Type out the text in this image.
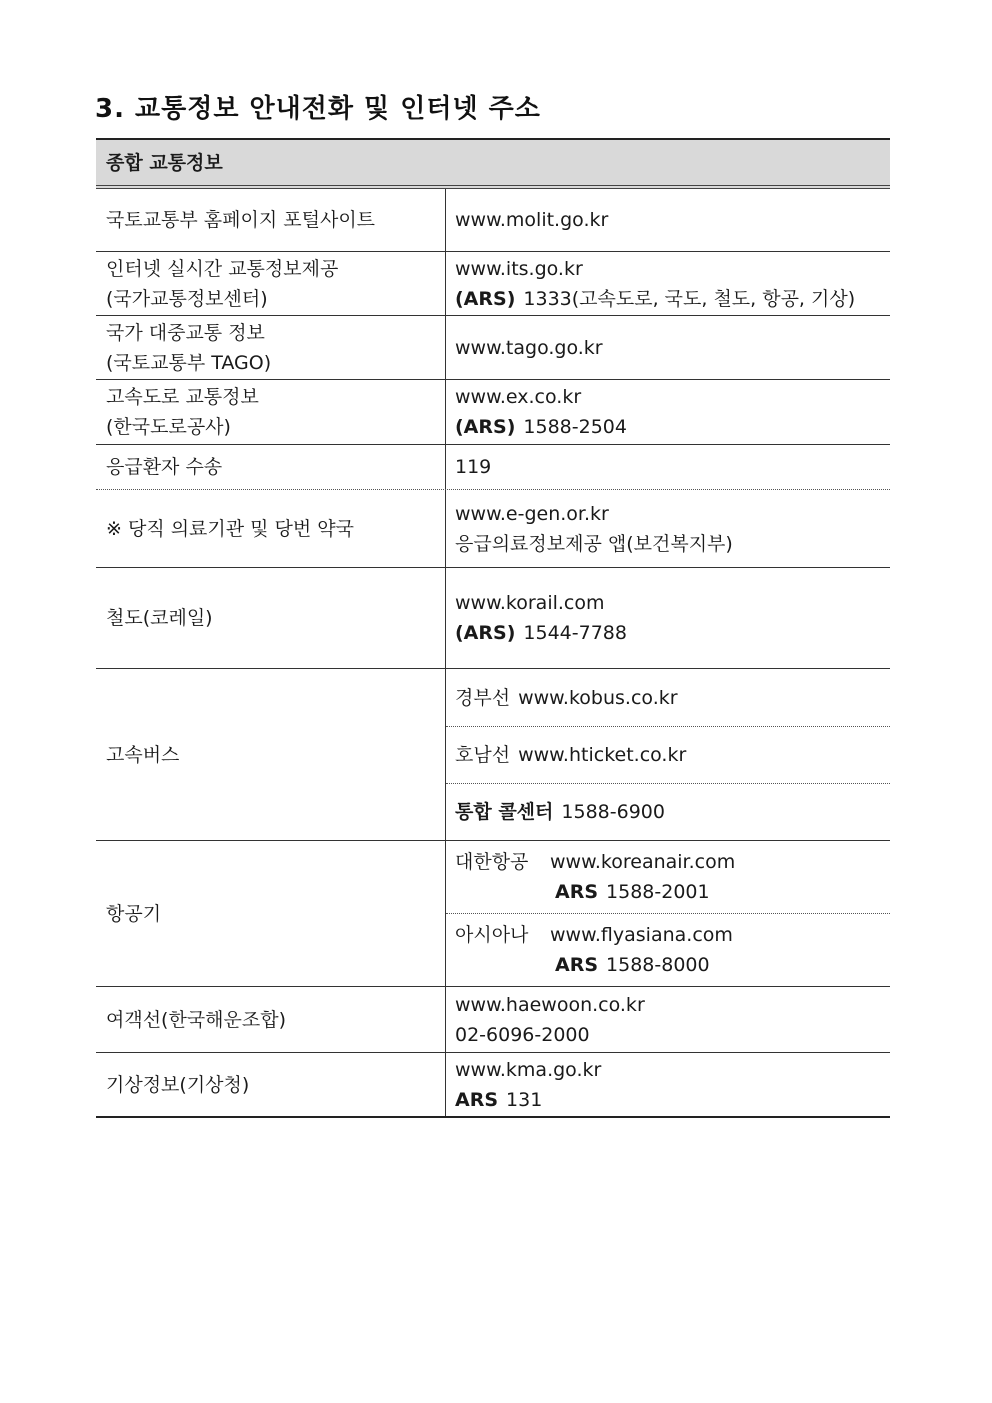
3. 교통정보 안내전화 및 인터넷 주소
종합 교통정보
국토교통부 홈페이지 포털사이트	www.molit.go.kr
인터넷 실시간 교통정보제공
(국가교통정보센터)
www.its.go.kr
(ARS) 1333(고속도로, 국도, 철도, 항공, 기상)
국가 대중교통 정보
(국토교통부 TAGO)
www.tago.go.kr
고속도로 교통정보
(한국도로공사)
www.ex.co.kr
(ARS) 1588-2504
응급환자 수송	119
※ 당직 의료기관 및 당번 약국
www.e-gen.or.kr
응급의료정보제공 앱(보건복지부)
철도(코레일)
www.korail.com
(ARS) 1544-7788
고속버스
경부선 www.kobus.co.kr
호남선 www.hticket.co.kr
통합 콜센터 1588-6900
항공기
대한항공 www.koreanair.com
ARS 1588-2001
아시아나 www.flyasiana.com
ARS 1588-8000
여객선(한국해운조합)
www.haewoon.co.kr
02-6096-2000
기상정보(기상청)
www.kma.go.kr
ARS 131
